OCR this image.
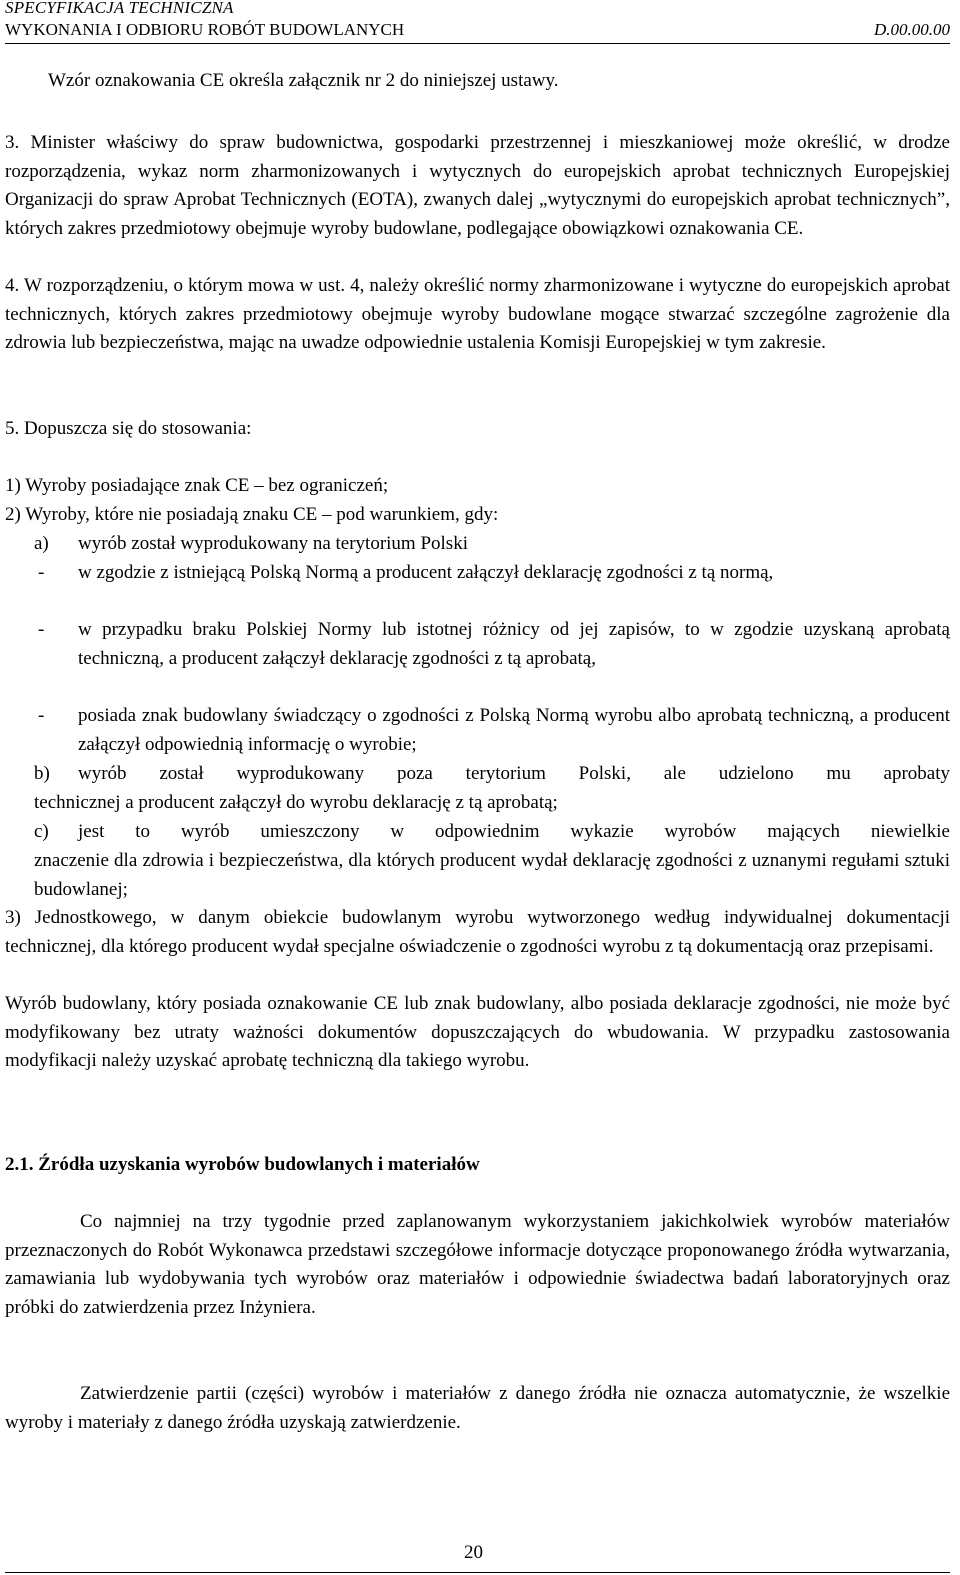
SPECYFIKACJA TECHNICZNA
WYKONANIA I ODBIORU ROBÓT BUDOWLANYCH	D.00.00.00
Wzór oznakowania CE określa załącznik nr 2 do niniejszej ustawy.
3. Minister właściwy do spraw budownictwa, gospodarki przestrzennej i mieszkaniowej może określić, w drodze rozporządzenia, wykaz norm zharmonizowanych i wytycznych do europejskich aprobat technicznych Europejskiej Organizacji do spraw Aprobat Technicznych (EOTA), zwanych dalej „wytycznymi do europejskich aprobat technicznych”, których zakres przedmiotowy obejmuje wyroby budowlane, podlegające obowiązkowi oznakowania CE.
4. W rozporządzeniu, o którym mowa w ust. 4, należy określić normy zharmonizowane i wytyczne do europejskich aprobat technicznych, których zakres przedmiotowy obejmuje wyroby budowlane mogące stwarzać szczególne zagrożenie dla zdrowia lub bezpieczeństwa, mając na uwadze odpowiednie ustalenia Komisji Europejskiej w tym zakresie.
5. Dopuszcza się do stosowania:
1) Wyroby posiadające znak CE – bez ograniczeń;
2) Wyroby, które nie posiadają znaku CE – pod warunkiem, gdy:
a)	wyrób został wyprodukowany na terytorium Polski
-	w zgodzie z istniejącą Polską Normą a producent załączył deklarację zgodności z tą normą,
-	w przypadku braku Polskiej Normy lub istotnej różnicy od jej zapisów, to w zgodzie uzyskaną aprobatą techniczną, a producent załączył deklarację zgodności z tą aprobatą,
-	posiada znak budowlany świadczący o zgodności z Polską Normą wyrobu albo aprobatą techniczną, a producent załączył odpowiednią informację o wyrobie;
b)	wyrób został wyprodukowany poza terytorium Polski, ale udzielono mu aprobaty
technicznej a producent załączył do wyrobu deklarację z tą aprobatą;
c)	jest to wyrób umieszczony w odpowiednim wykazie wyrobów mających niewielkie
znaczenie dla zdrowia i bezpieczeństwa, dla których producent wydał deklarację zgodności z uznanymi regułami sztuki budowlanej;
3) Jednostkowego, w danym obiekcie budowlanym wyrobu wytworzonego według indywidualnej dokumentacji technicznej, dla którego producent wydał specjalne oświadczenie o zgodności wyrobu z tą dokumentacją oraz przepisami.
Wyrób budowlany, który posiada oznakowanie CE lub znak budowlany, albo posiada deklaracje zgodności, nie może być modyfikowany bez utraty ważności dokumentów dopuszczających do wbudowania. W przypadku zastosowania modyfikacji należy uzyskać aprobatę techniczną dla takiego wyrobu.
2.1. Źródła uzyskania wyrobów budowlanych i materiałów
Co najmniej na trzy tygodnie przed zaplanowanym wykorzystaniem jakichkolwiek wyrobów materiałów przeznaczonych do Robót Wykonawca przedstawi szczegółowe informacje dotyczące proponowanego źródła wytwarzania, zamawiania lub wydobywania tych wyrobów oraz materiałów i odpowiednie świadectwa badań laboratoryjnych oraz próbki do zatwierdzenia przez Inżyniera.
Zatwierdzenie partii (części) wyrobów i materiałów z danego źródła nie oznacza automatycznie, że wszelkie wyroby i materiały z danego źródła uzyskają zatwierdzenie.
20
